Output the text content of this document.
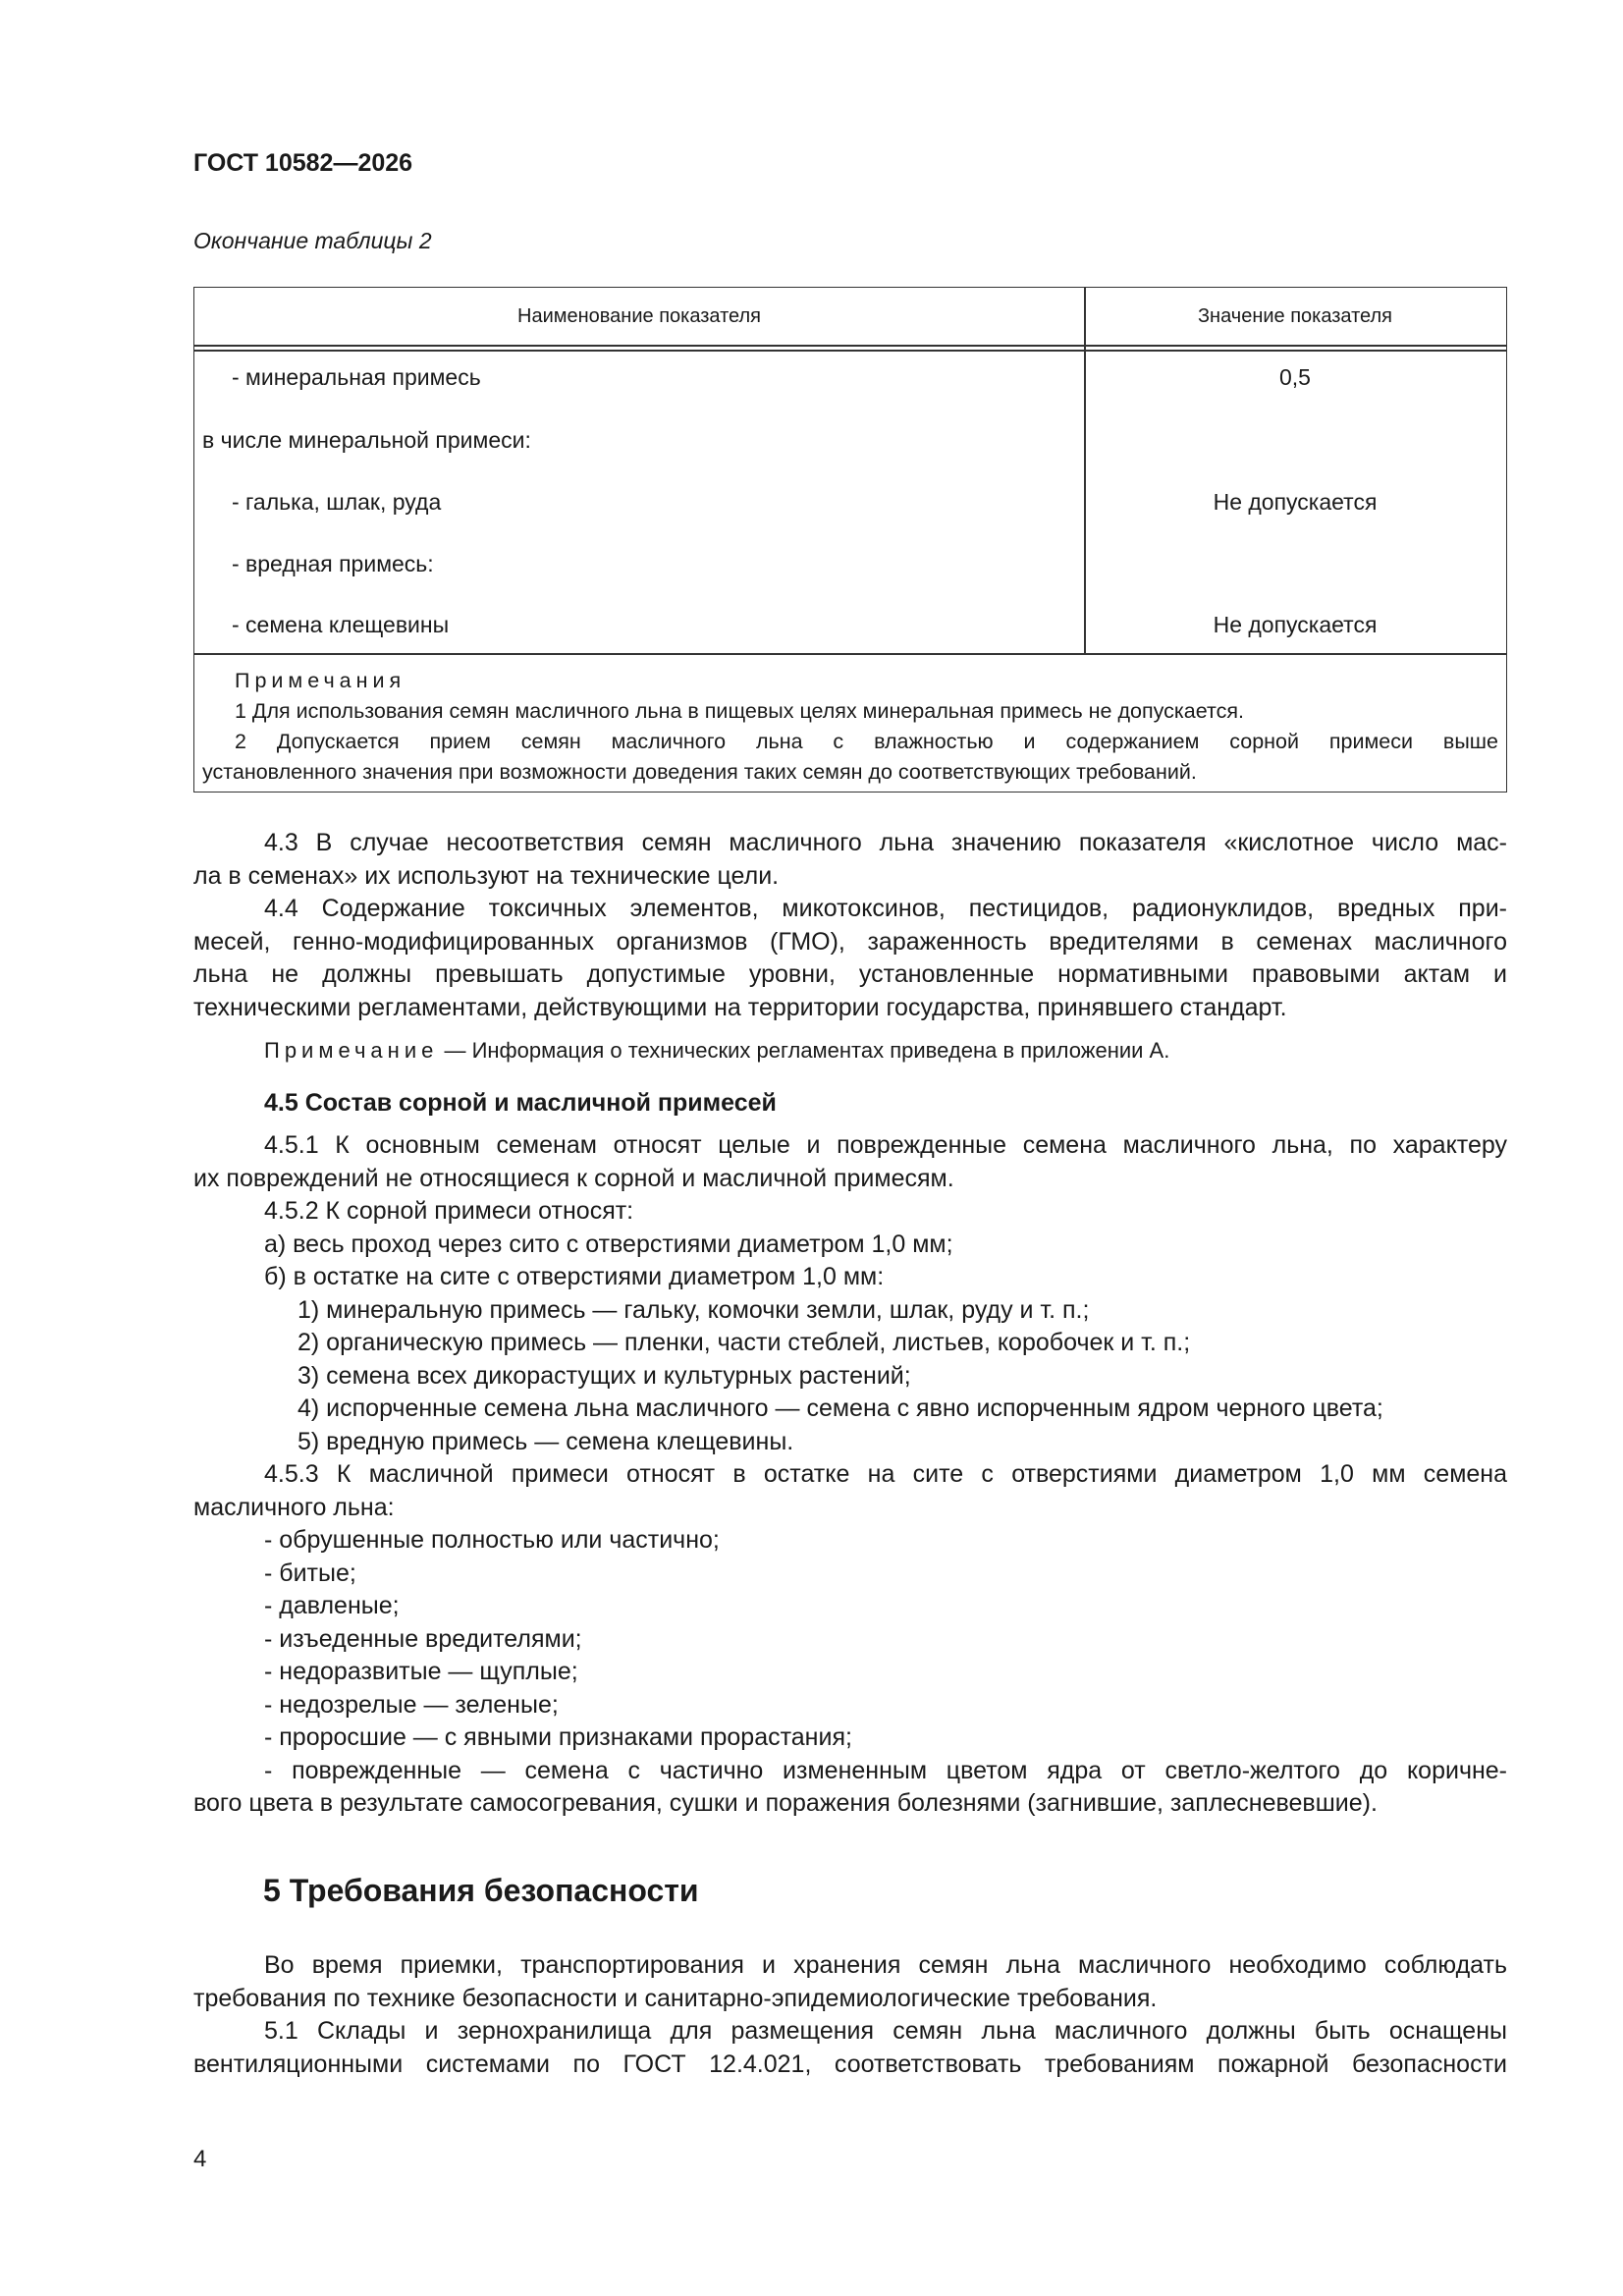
ГОСТ 10582—2026
Окончание таблицы 2
Наименование показателя	Значение показателя
- минеральная примесь	0,5
в числе минеральной примеси:
- галька, шлак, руда	Не допускается
- вредная примесь:
- семена клещевины	Не допускается

Примечания

1 Для использования семян масличного льна в пищевых целях минеральная примесь не допускается.

2 Допускается прием семян масличного льна с влажностью и содержанием сорной примеси выше

установленного значения при возможности доведения таких семян до соответствующих требований.

4.3 В случае несоответствия семян масличного льна значению показателя «кислотное число мас-

ла в семенах» их используют на технические цели.

4.4 Содержание токсичных элементов, микотоксинов, пестицидов, радионуклидов, вредных при-

месей, генно-модифицированных организмов (ГМО), зараженность вредителями в семенах масличного

льна не должны превышать допустимые уровни, установленные нормативными правовыми актам и

техническими регламентами, действующими на территории государства, принявшего стандарт.

Примечание — Информация о технических регламентах приведена в приложении А.

4.5 Состав сорной и масличной примесей

4.5.1 К основным семенам относят целые и поврежденные семена масличного льна, по характеру

их повреждений не относящиеся к сорной и масличной примесям.

4.5.2 К сорной примеси относят:

а) весь проход через сито с отверстиями диаметром 1,0 мм;

б) в остатке на сите с отверстиями диаметром 1,0 мм:

1) минеральную примесь — гальку, комочки земли, шлак, руду и т. п.;

2) органическую примесь — пленки, части стеблей, листьев, коробочек и т. п.;

3) семена всех дикорастущих и культурных растений;

4) испорченные семена льна масличного — семена с явно испорченным ядром черного цвета;

5) вредную примесь — семена клещевины.

4.5.3 К масличной примеси относят в остатке на сите с отверстиями диаметром 1,0 мм семена

масличного льна:

- обрушенные полностью или частично;

- битые;

- давленые;

- изъеденные вредителями;

- недоразвитые — щуплые;

- недозрелые — зеленые;

- проросшие — с явными признаками прорастания;

- поврежденные — семена с частично измененным цветом ядра от светло-желтого до коричне-

вого цвета в результате самосогревания, сушки и поражения болезнями (загнившие, заплесневевшие).

5 Требования безопасности

Во время приемки, транспортирования и хранения семян льна масличного необходимо соблюдать

требования по технике безопасности и санитарно-эпидемиологические требования.

5.1 Склады и зернохранилища для размещения семян льна масличного должны быть оснащены

вентиляционными системами по ГОСТ 12.4.021, соответствовать требованиям пожарной безопасности

4
